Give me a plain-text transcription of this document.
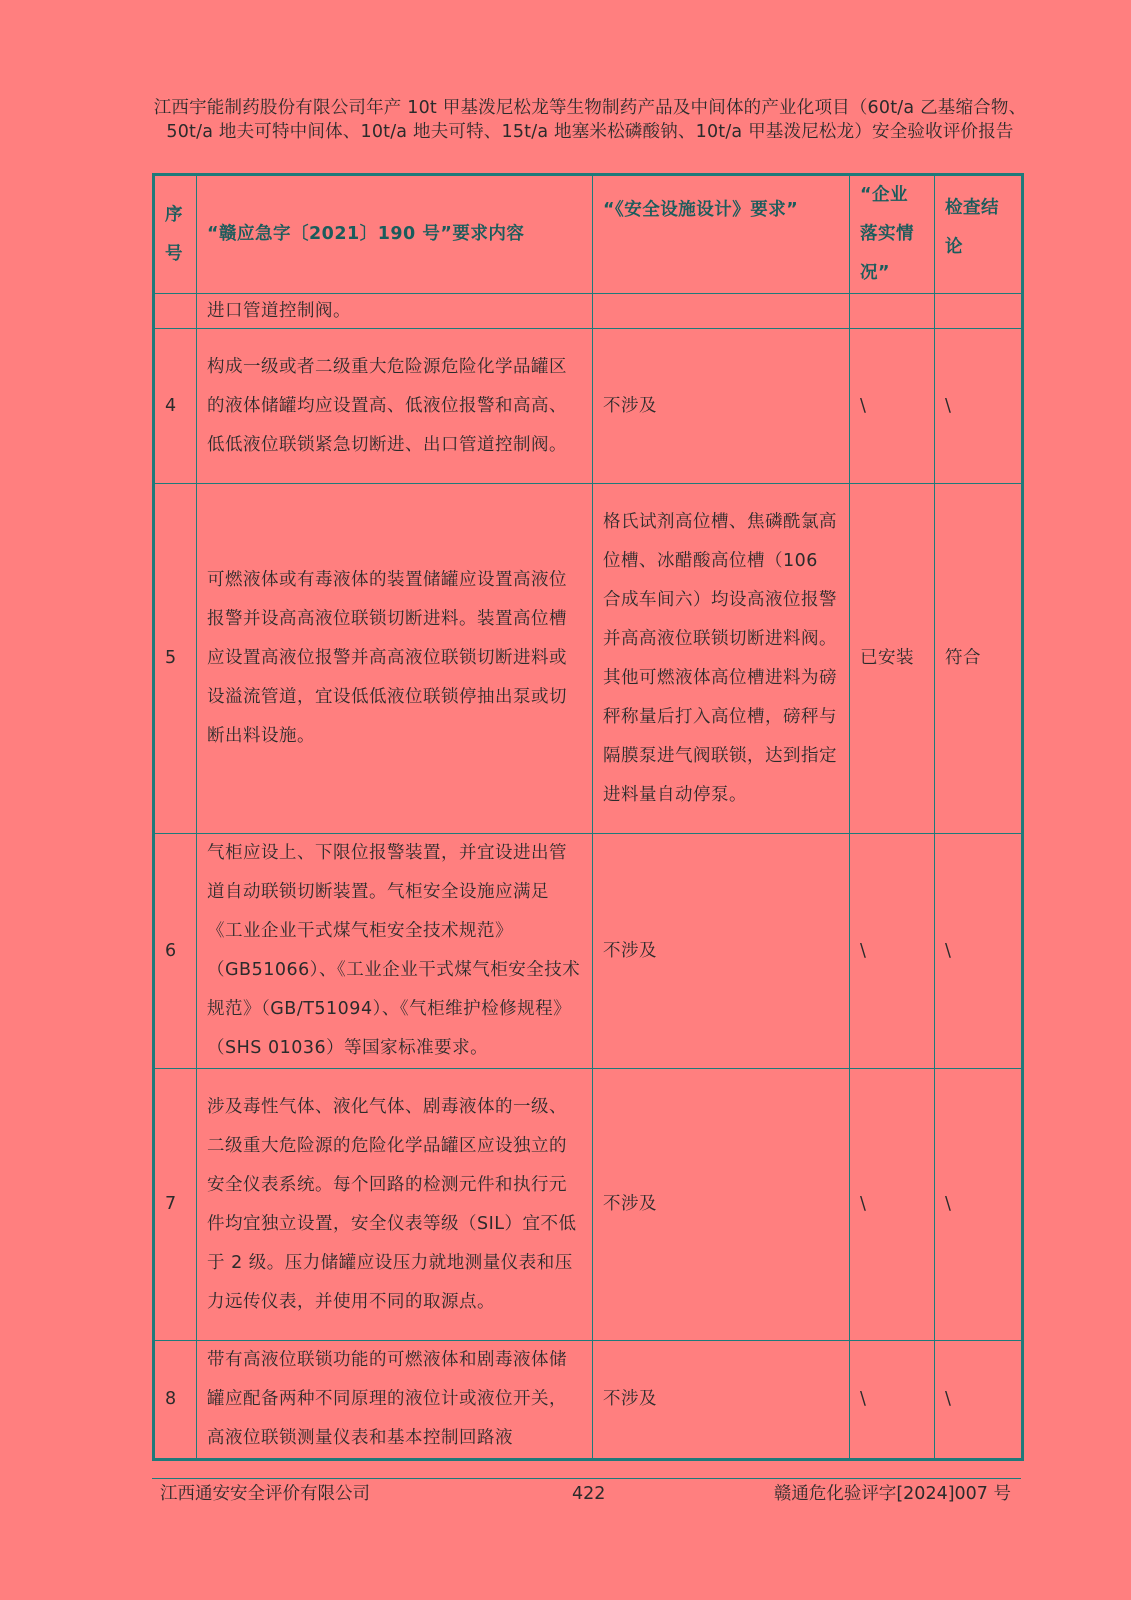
江西宇能制药股份有限公司年产 10t 甲基泼尼松龙等生物制药产品及中间体的产业化项目（60t/a 乙基缩合物、50t/a 地夫可特中间体、10t/a 地夫可特、15t/a 地塞米松磷酸钠、10t/a 甲基泼尼松龙）安全验收评价报告
序号	“赣应急字〔2021〕190 号”要求内容	“《安全设施设计》要求”	“企业落实情况”	检查结论
	进口管道控制阀。			
4	构成一级或者二级重大危险源危险化学品罐区的液体储罐均应设置高、低液位报警和高高、低低液位联锁紧急切断进、出口管道控制阀。	不涉及	\	\
5	可燃液体或有毒液体的装置储罐应设置高液位报警并设高高液位联锁切断进料。装置高位槽应设置高液位报警并高高液位联锁切断进料或设溢流管道，宜设低低液位联锁停抽出泵或切断出料设施。	格氏试剂高位槽、焦磷酰氯高位槽、冰醋酸高位槽（106 合成车间六）均设高液位报警并高高液位联锁切断进料阀。其他可燃液体高位槽进料为磅秤称量后打入高位槽，磅秤与隔膜泵进气阀联锁，达到指定进料量自动停泵。	已安装	符合
6	气柜应设上、下限位报警装置，并宜设进出管道自动联锁切断装置。气柜安全设施应满足《工业企业干式煤气柜安全技术规范》（GB51066）、《工业企业干式煤气柜安全技术规范》（GB/T51094）、《气柜维护检修规程》（SHS 01036）等国家标准要求。	不涉及	\	\
7	涉及毒性气体、液化气体、剧毒液体的一级、二级重大危险源的危险化学品罐区应设独立的安全仪表系统。每个回路的检测元件和执行元件均宜独立设置，安全仪表等级（SIL）宜不低于 2 级。压力储罐应设压力就地测量仪表和压力远传仪表，并使用不同的取源点。	不涉及	\	\
8	带有高液位联锁功能的可燃液体和剧毒液体储罐应配备两种不同原理的液位计或液位开关，高液位联锁测量仪表和基本控制回路液	不涉及	\	\
江西通安安全评价有限公司	422	赣通危化验评字[2024]007 号
